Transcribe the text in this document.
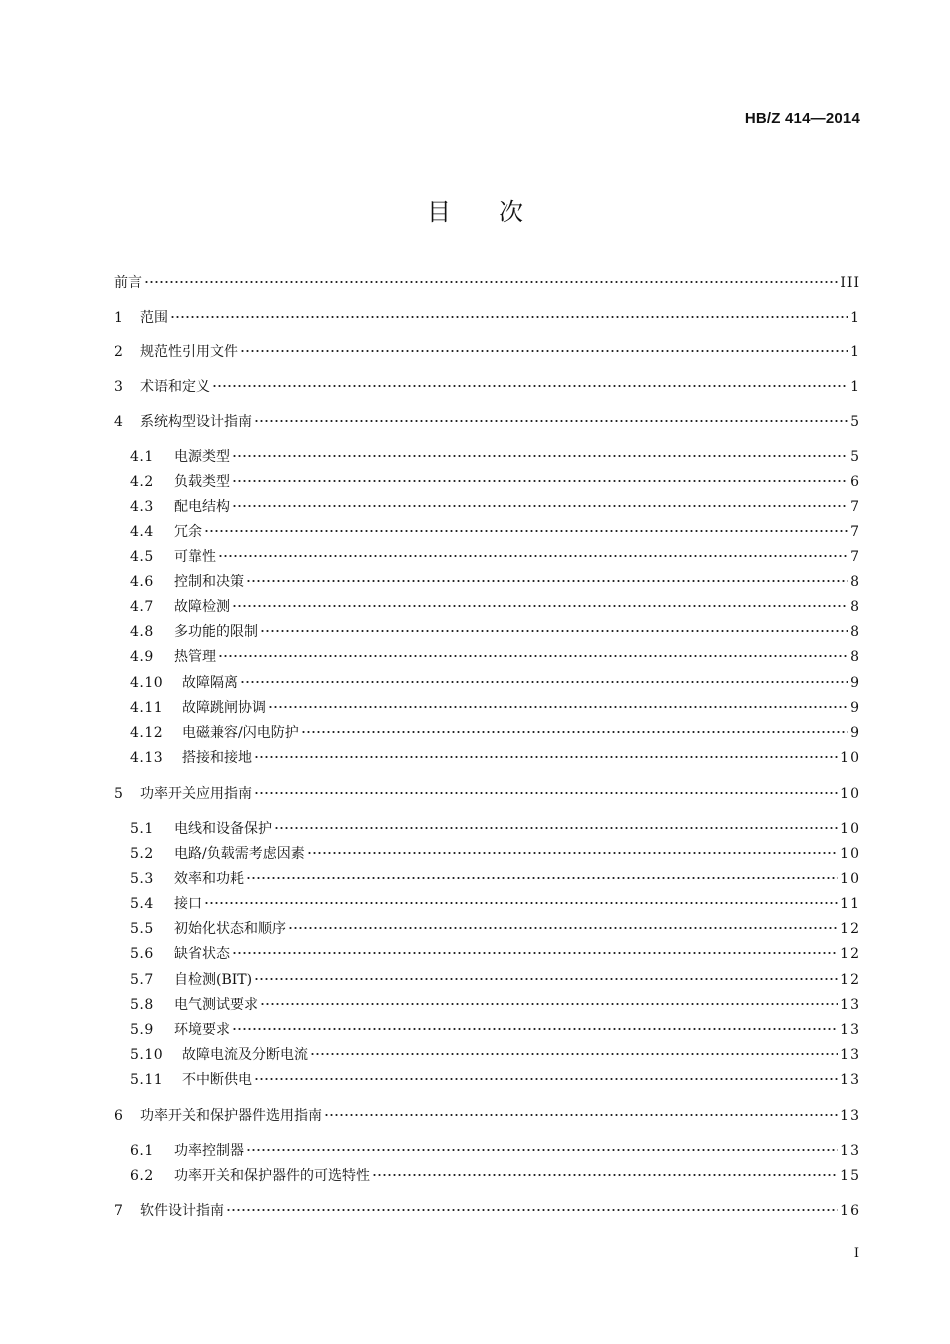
HB/Z 414—2014
目 次
前言	III
1	范围	1
2	规范性引用文件	1
3	术语和定义	1
4	系统构型设计指南	5
4.1	电源类型	5
4.2	负载类型	6
4.3	配电结构	7
4.4	冗余	7
4.5	可靠性	7
4.6	控制和决策	8
4.7	故障检测	8
4.8	多功能的限制	8
4.9	热管理	8
4.10	故障隔离	9
4.11	故障跳闸协调	9
4.12	电磁兼容/闪电防护	9
4.13	搭接和接地	10
5	功率开关应用指南	10
5.1	电线和设备保护	10
5.2	电路/负载需考虑因素	10
5.3	效率和功耗	10
5.4	接口	11
5.5	初始化状态和顺序	12
5.6	缺省状态	12
5.7	自检测(BIT)	12
5.8	电气测试要求	13
5.9	环境要求	13
5.10	故障电流及分断电流	13
5.11	不中断供电	13
6	功率开关和保护器件选用指南	13
6.1	功率控制器	13
6.2	功率开关和保护器件的可选特性	15
7	软件设计指南	16
I
